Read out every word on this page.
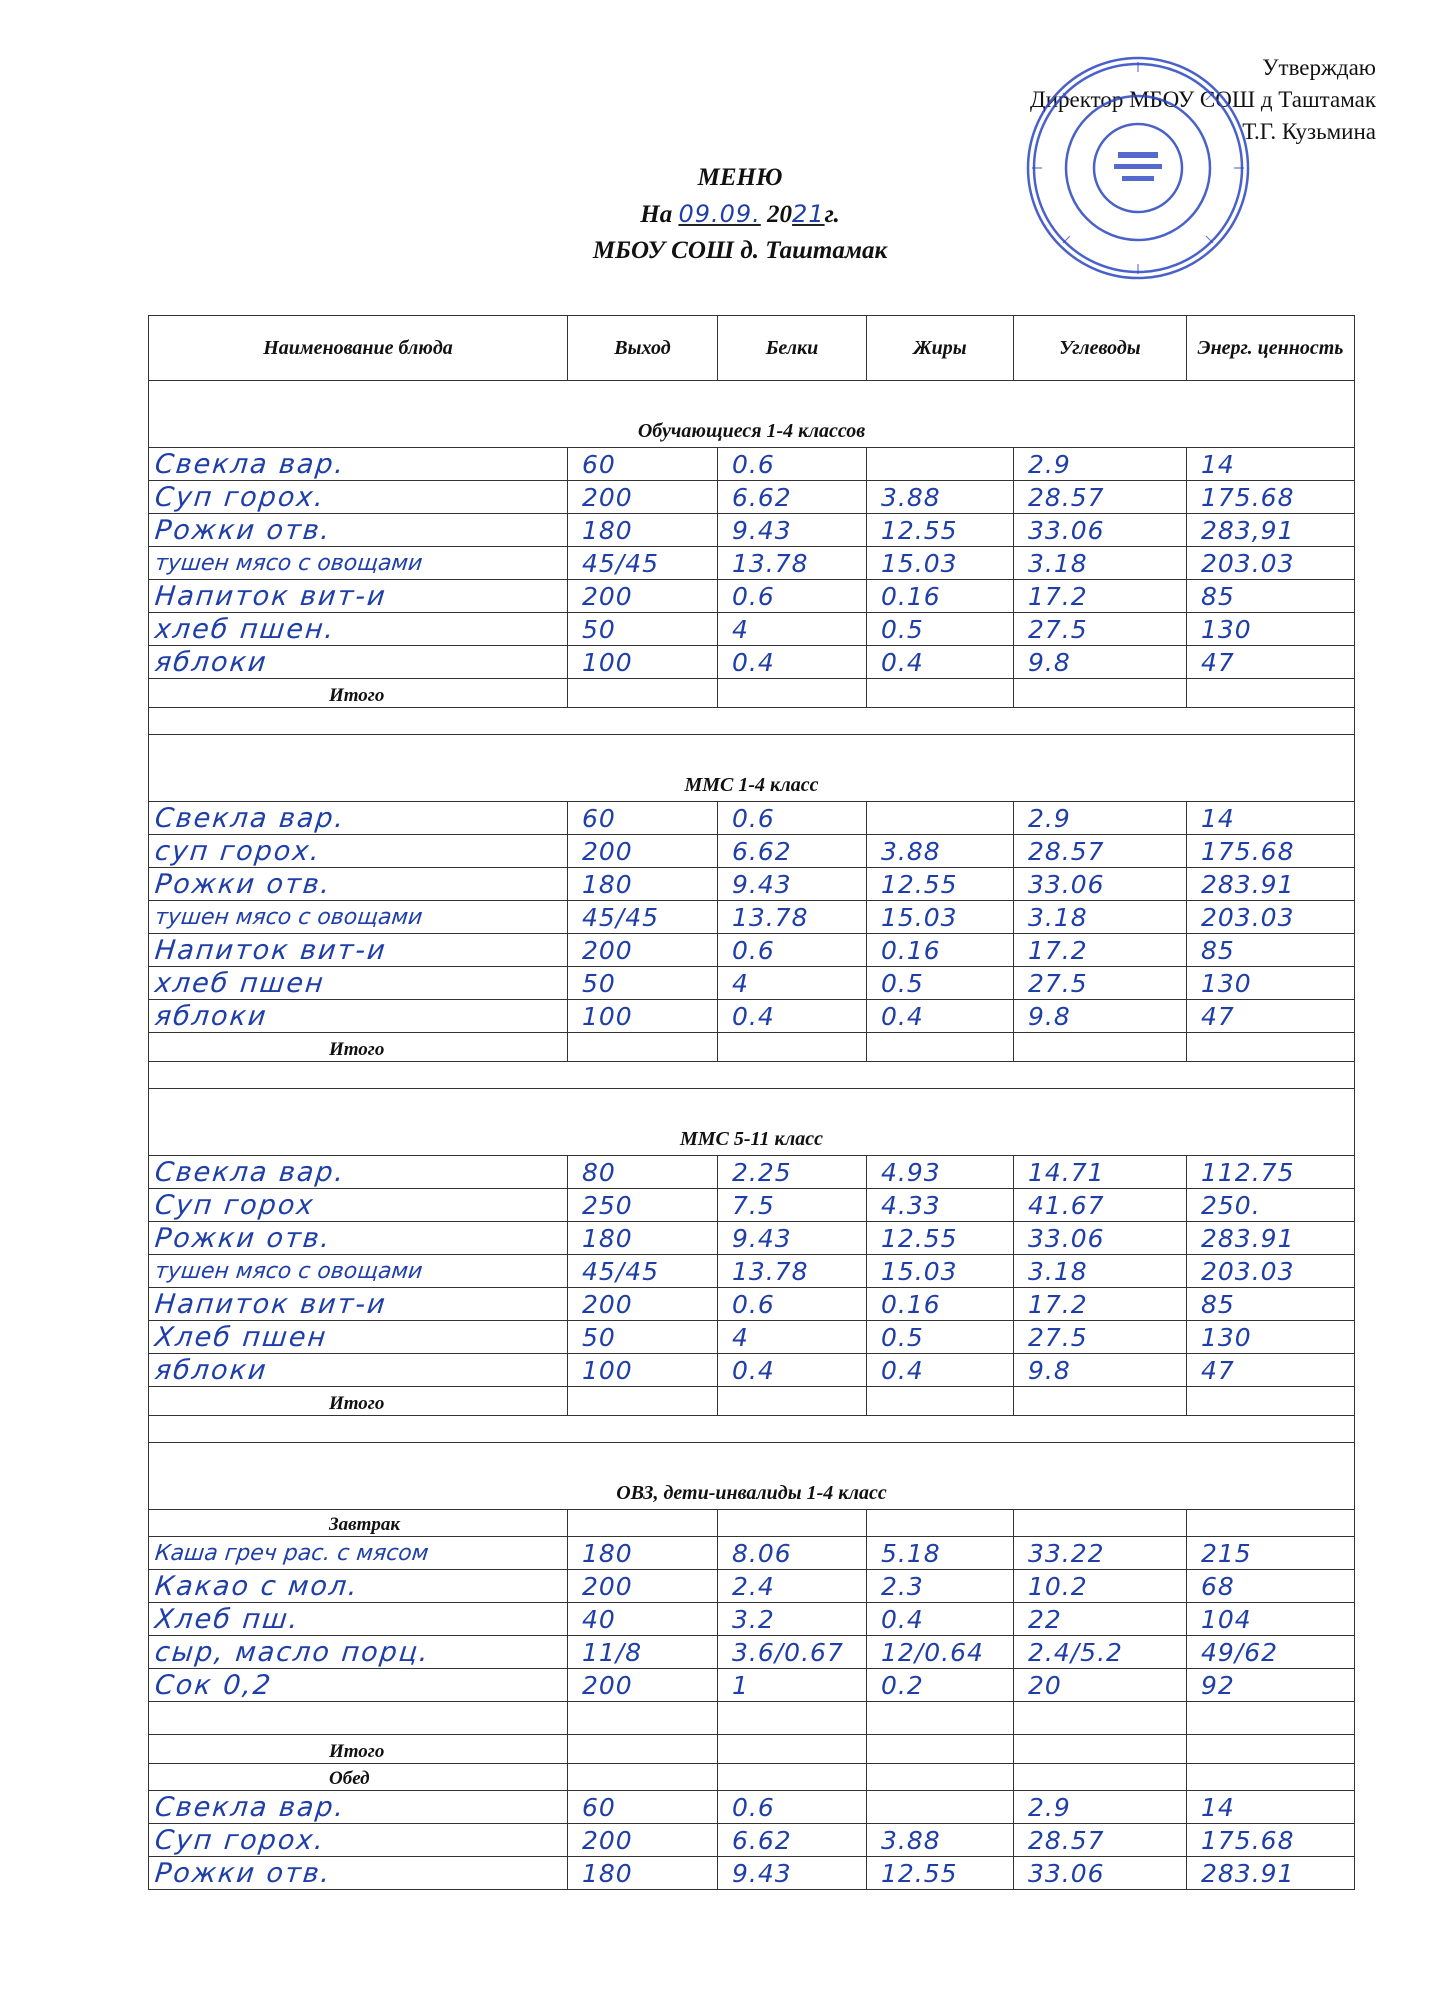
Утверждаю
Директор МБОУ СОШ д Таштамак
Т.Г. Кузьмина
МЕНЮ
На 09.09. 2021г.
МБОУ СОШ д. Таштамак
Наименование блюда	Выход	Белки	Жиры	Углеводы	Энерг. ценность
Обучающиеся 1-4 классов					

Свекла вар.	60	0.6		2.9	14

Суп горох.	200	6.62	3.88	28.57	175.68

Рожки отв.	180	9.43	12.55	33.06	283,91

тушен мясо с овощами	45/45	13.78	15.03	3.18	203.03

Напиток вит-и	200	0.6	0.16	17.2	85

хлеб пшен.	50	4	0.5	27.5	130

яблоки	100	0.4	0.4	9.8	47

Итого					

ММС 1-4 класс					

Свекла вар.	60	0.6		2.9	14

суп горох.	200	6.62	3.88	28.57	175.68

Рожки отв.	180	9.43	12.55	33.06	283.91

тушен мясо с овощами	45/45	13.78	15.03	3.18	203.03

Напиток вит-и	200	0.6	0.16	17.2	85

хлеб пшен	50	4	0.5	27.5	130

яблоки	100	0.4	0.4	9.8	47

Итого					

ММС 5-11 класс					

Свекла вар.	80	2.25	4.93	14.71	112.75

Суп горох	250	7.5	4.33	41.67	250.

Рожки отв.	180	9.43	12.55	33.06	283.91

тушен мясо с овощами	45/45	13.78	15.03	3.18	203.03

Напиток вит-и	200	0.6	0.16	17.2	85

Хлеб пшен	50	4	0.5	27.5	130

яблоки	100	0.4	0.4	9.8	47

Итого					

ОВЗ, дети-инвалиды 1-4 класс					
Завтрак					

Каша греч рас. с мясом	180	8.06	5.18	33.22	215

Какао с мол.	200	2.4	2.3	10.2	68

Хлеб пш.	40	3.2	0.4	22	104

сыр, масло порц.	11/8	3.6/0.67	12/0.64	2.4/5.2	49/62

Сок 0,2	200	1	0.2	20	92

Итого					
Обед					

Свекла вар.	60	0.6		2.9	14

Суп горох.	200	6.62	3.88	28.57	175.68

Рожки отв.	180	9.43	12.55	33.06	283.91
